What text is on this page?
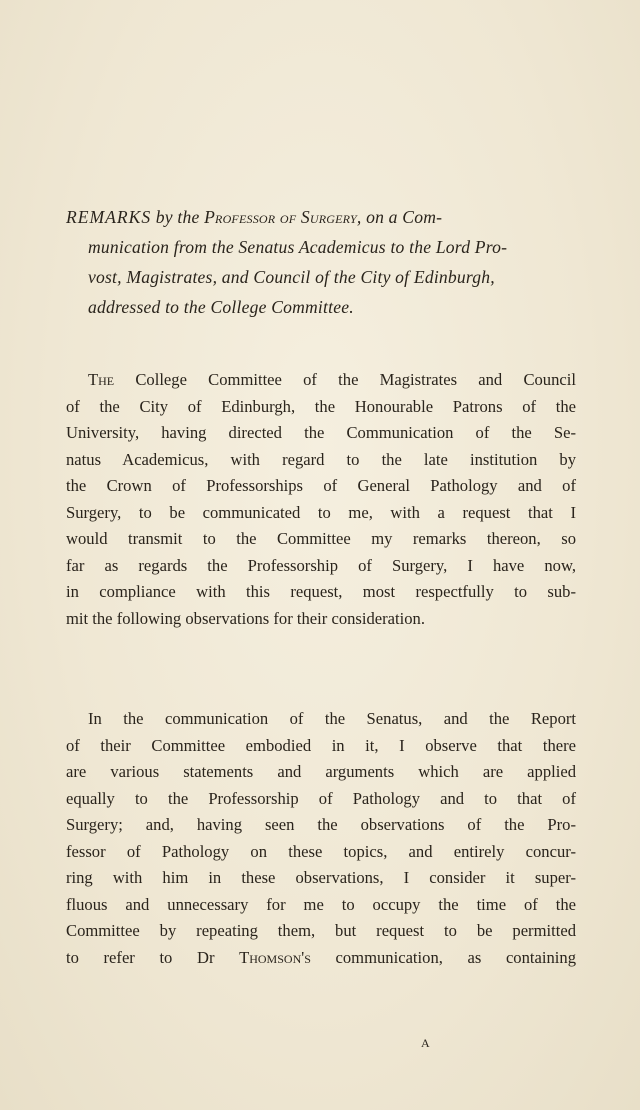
REMARKS by the Professor of Surgery, on a Com-
munication from the Senatus Academicus to the Lord Pro-
vost, Magistrates, and Council of the City of Edinburgh,
addressed to the College Committee.
The College Committee of the Magistrates and Council
of the City of Edinburgh, the Honourable Patrons of the
University, having directed the Communication of the Se-
natus Academicus, with regard to the late institution by
the Crown of Professorships of General Pathology and of
Surgery, to be communicated to me, with a request that I
would transmit to the Committee my remarks thereon, so
far as regards the Professorship of Surgery, I have now,
in compliance with this request, most respectfully to sub-
mit the following observations for their consideration.
In the communication of the Senatus, and the Report
of their Committee embodied in it, I observe that there
are various statements and arguments which are applied
equally to the Professorship of Pathology and to that of
Surgery; and, having seen the observations of the Pro-
fessor of Pathology on these topics, and entirely concur-
ring with him in these observations, I consider it super-
fluous and unnecessary for me to occupy the time of the
Committee by repeating them, but request to be permitted
to refer to Dr Thomson's communication, as containing
A
